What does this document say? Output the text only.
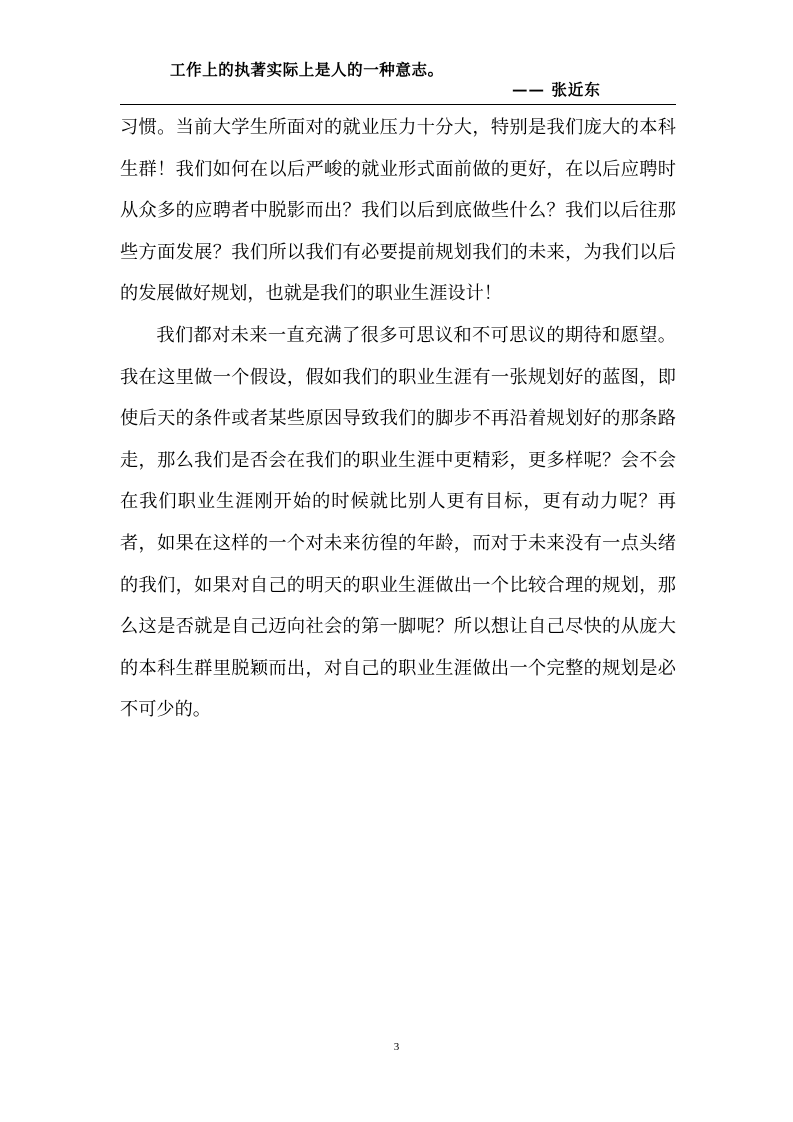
工作上的执著实际上是人的一种意志。
—— 张近东

习惯。当前大学生所面对的就业压力十分大，特别是我们庞大的本科生群！我们如何在以后严峻的就业形式面前做的更好，在以后应聘时从众多的应聘者中脱影而出？我们以后到底做些什么？我们以后往那些方面发展？我们所以我们有必要提前规划我们的未来，为我们以后的发展做好规划，也就是我们的职业生涯设计！

我们都对未来一直充满了很多可思议和不可思议的期待和愿望。我在这里做一个假设，假如我们的职业生涯有一张规划好的蓝图，即使后天的条件或者某些原因导致我们的脚步不再沿着规划好的那条路走，那么我们是否会在我们的职业生涯中更精彩，更多样呢？会不会在我们职业生涯刚开始的时候就比别人更有目标，更有动力呢？再者，如果在这样的一个对未来彷徨的年龄，而对于未来没有一点头绪的我们，如果对自己的明天的职业生涯做出一个比较合理的规划，那么这是否就是自己迈向社会的第一脚呢？所以想让自己尽快的从庞大的本科生群里脱颖而出，对自己的职业生涯做出一个完整的规划是必不可少的。

3
